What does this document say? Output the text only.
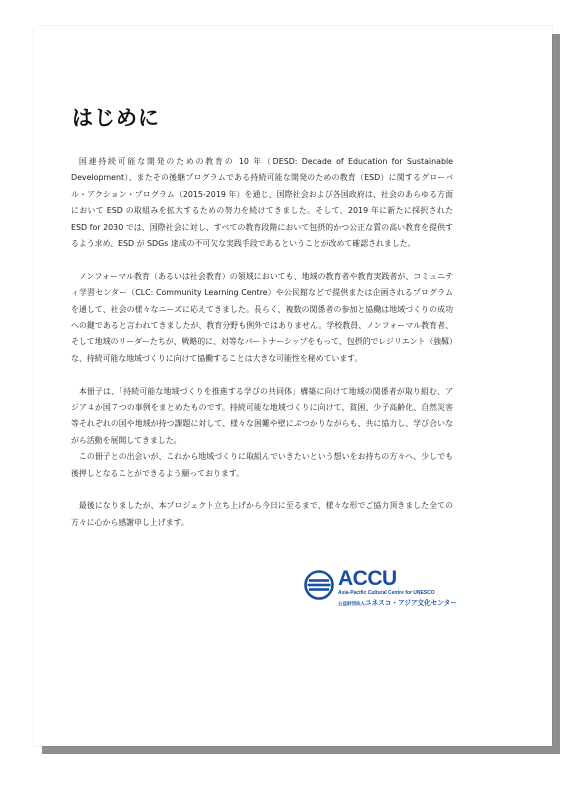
はじめに

国連持続可能な開発のための教育の 10 年（DESD: Decade of Education for Sustainable Development）、またその後継プログラムである持続可能な開発のための教育（ESD）に関するグローバル・アクション・プログラム（2015-2019 年）を通じ、国際社会および各国政府は、社会のあらゆる方面において ESD の取組みを拡大するための努力を続けてきました。そして、2019 年に新たに採択された ESD for 2030 では、国際社会に対し、すべての教育段階において包摂的かつ公正な質の高い教育を提供するよう求め、ESD が SDGs 達成の不可欠な実践手段であるということが改めて確認されました。

ノンフォーマル教育（あるいは社会教育）の領域においても、地域の教育者や教育実践者が、コミュニティ学習センター（CLC: Community Learning Centre）や公民館などで提供または企画されるプログラムを通して、社会の様々なニーズに応えてきました。長らく、複数の関係者の参加と協働は地域づくりの成功への鍵であると言われてきましたが、教育分野も例外ではありません。学校教員、ノンフォーマル教育者、そして地域のリーダーたちが、戦略的に、対等なパートナーシップをもって、包摂的でレジリエント（強靱）な、持続可能な地域づくりに向けて協働することは大きな可能性を秘めています。

本冊子は、「持続可能な地域づくりを推進する学びの共同体」構築に向けて地域の関係者が取り組む、アジア４か国７つの事例をまとめたものです。持続可能な地域づくりに向けて、貧困、少子高齢化、自然災害等それぞれの国や地域が持つ課題に対して、様々な困難や壁にぶつかりながらも、共に協力し、学び合いながら活動を展開してきました。

この冊子との出会いが、これから地域づくりに取組んでいきたいという想いをお持ちの方々へ、少しでも後押しとなることができるよう願っております。

最後になりましたが、本プロジェクト立ち上げから今日に至るまで、様々な形でご協力頂きました全ての方々に心から感謝申し上げます。

ACCU
Asia-Pacific Cultural Centre for UNESCO
公益財団法人ユネスコ・アジア文化センター
